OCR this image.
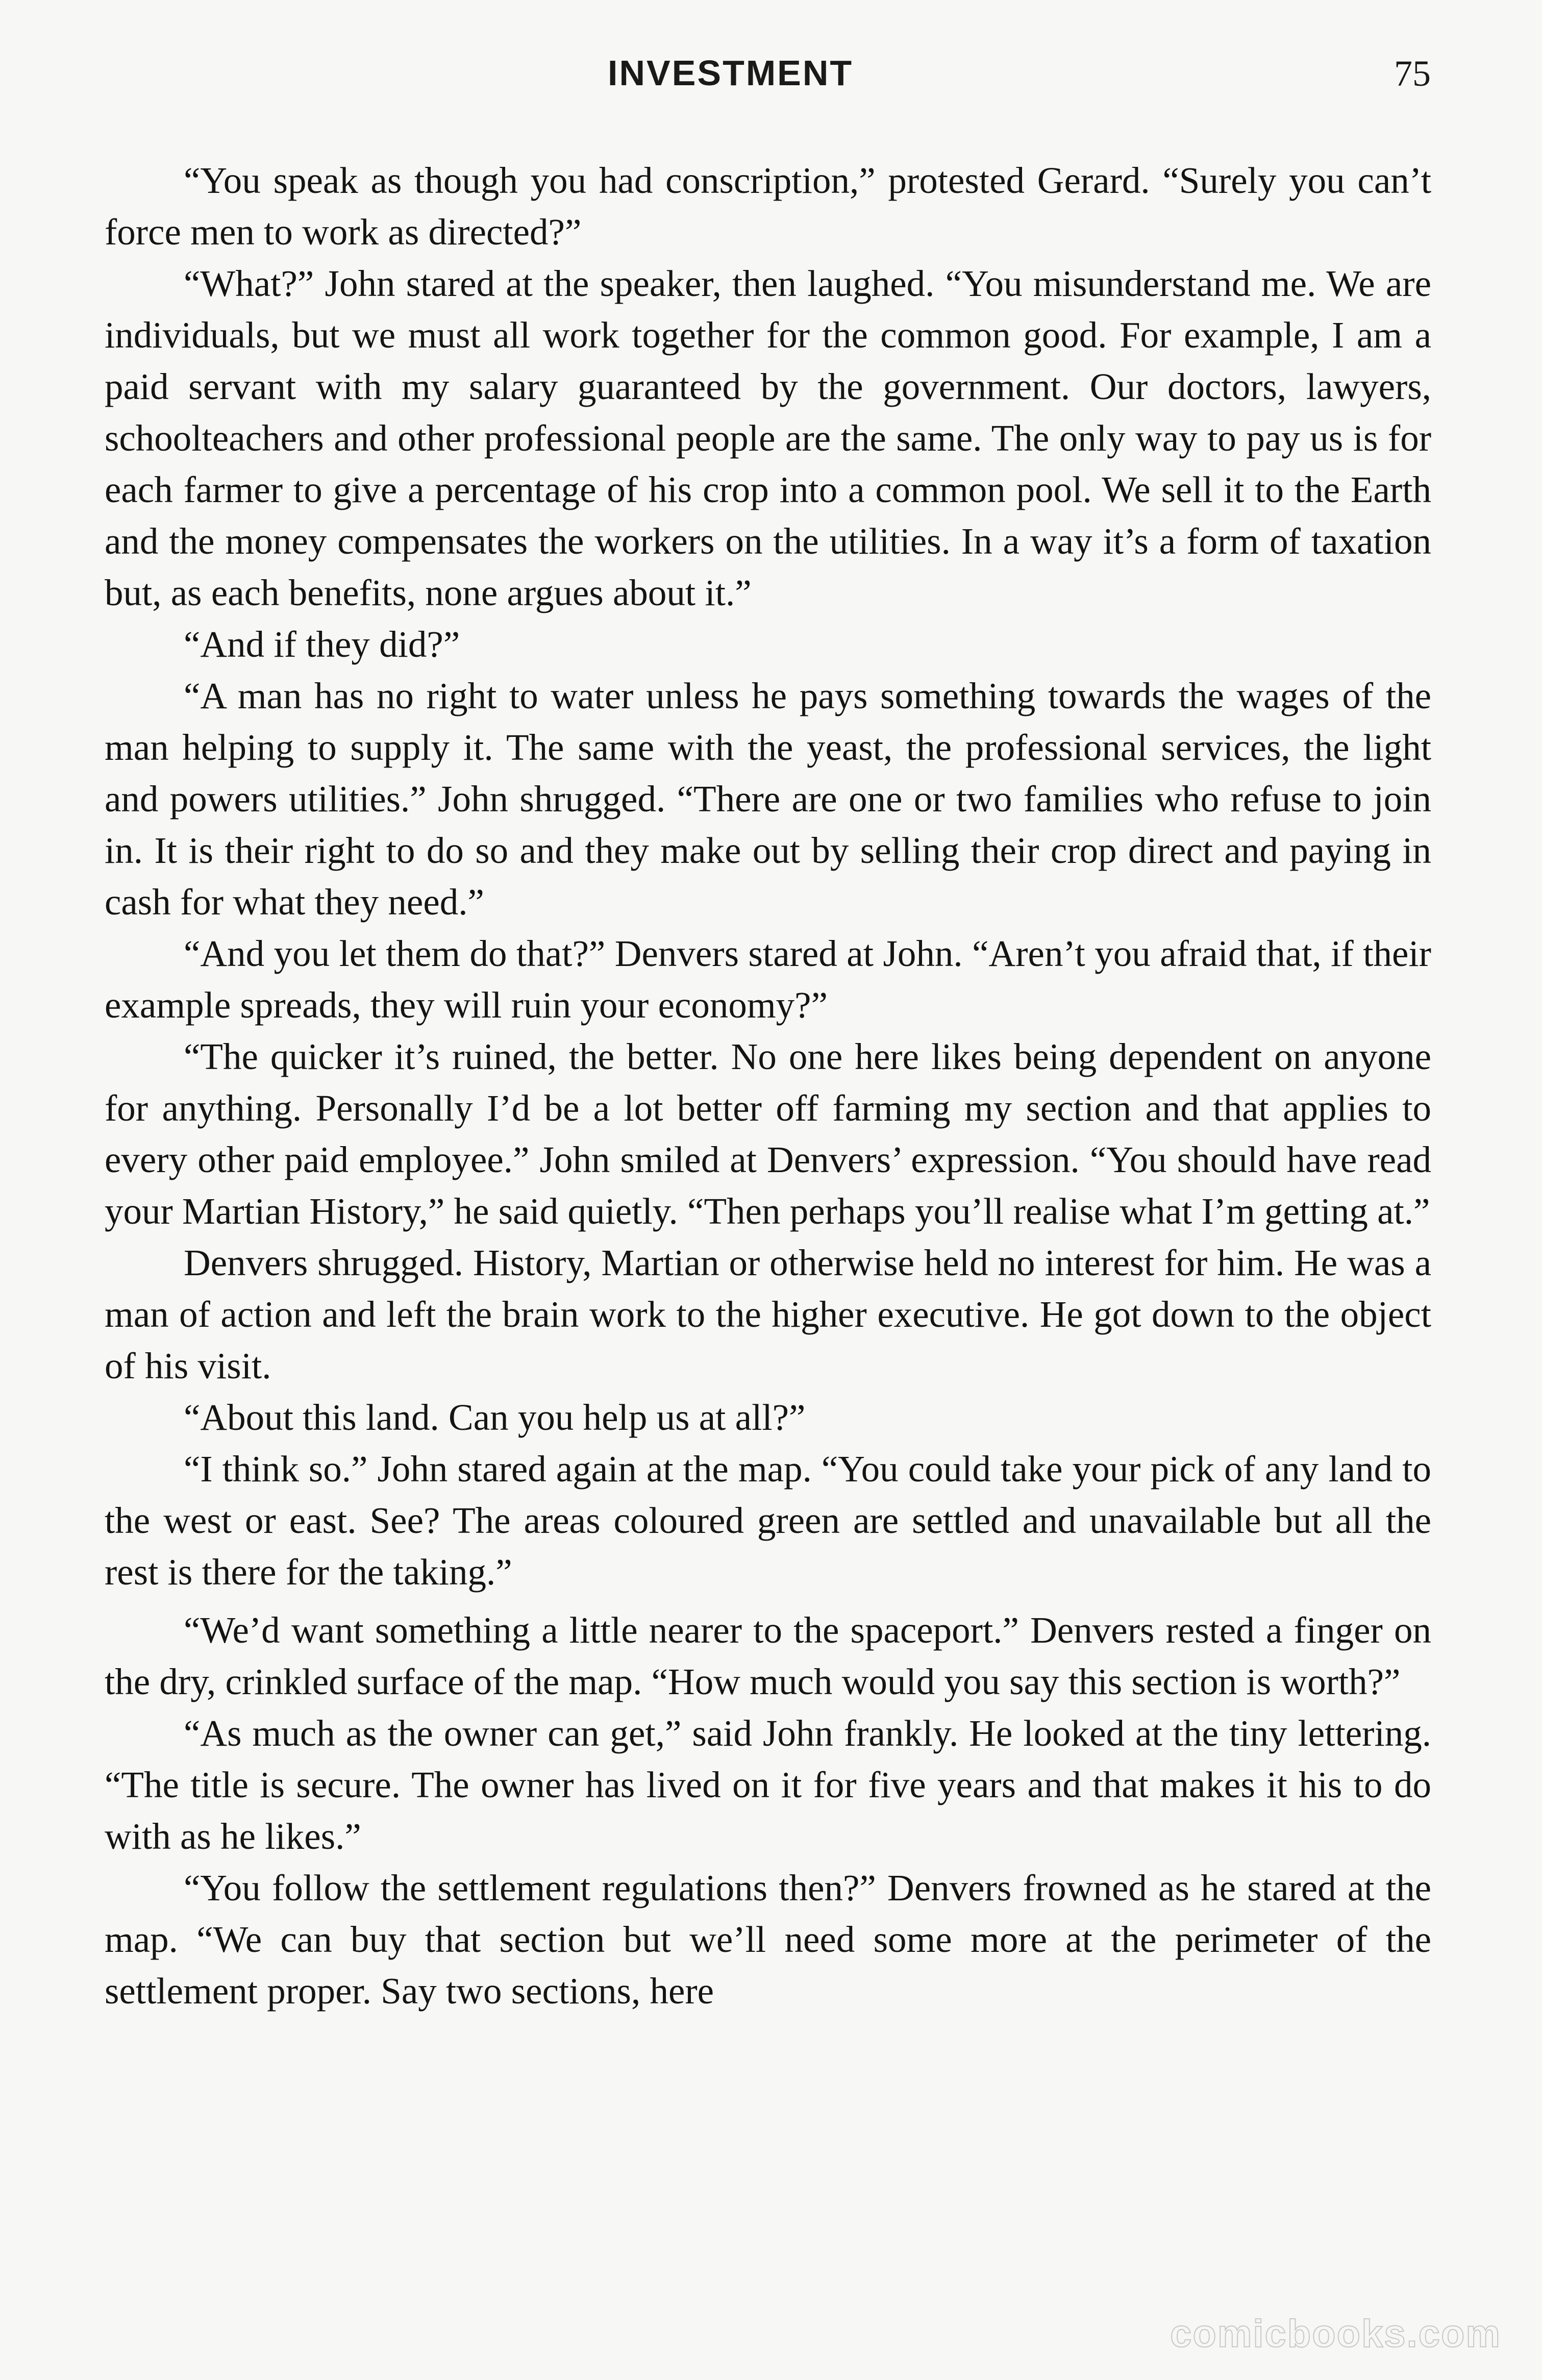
INVESTMENT	75

“You speak as though you had conscription,” protested Gerard. “Surely you can’t force men to work as directed?”

“What?” John stared at the speaker, then laughed. “You misunderstand me. We are individuals, but we must all work together for the common good. For example, I am a paid servant with my salary guaranteed by the government. Our doctors, lawyers, schoolteachers and other professional people are the same. The only way to pay us is for each farmer to give a percentage of his crop into a common pool. We sell it to the Earth and the money compensates the workers on the utilities. In a way it’s a form of taxation but, as each benefits, none argues about it.”

“And if they did?”

“A man has no right to water unless he pays something towards the wages of the man helping to supply it. The same with the yeast, the professional services, the light and powers utilities.” John shrugged. “There are one or two families who refuse to join in. It is their right to do so and they make out by selling their crop direct and paying in cash for what they need.”

“And you let them do that?” Denvers stared at John. “Aren’t you afraid that, if their example spreads, they will ruin your economy?”

“The quicker it’s ruined, the better. No one here likes being dependent on anyone for anything. Personally I’d be a lot better off farming my section and that applies to every other paid employee.” John smiled at Denvers’ expression. “You should have read your Martian History,” he said quietly. “Then perhaps you’ll realise what I’m getting at.”

Denvers shrugged. History, Martian or otherwise held no interest for him. He was a man of action and left the brain work to the higher executive. He got down to the object of his visit.

“About this land. Can you help us at all?”

“I think so.” John stared again at the map. “You could take your pick of any land to the west or east. See? The areas coloured green are settled and unavailable but all the rest is there for the taking.”

“We’d want something a little nearer to the spaceport.” Denvers rested a finger on the dry, crinkled surface of the map. “How much would you say this section is worth?”

“As much as the owner can get,” said John frankly. He looked at the tiny lettering. “The title is secure. The owner has lived on it for five years and that makes it his to do with as he likes.”

“You follow the settlement regulations then?” Denvers frowned as he stared at the map. “We can buy that section but we’ll need some more at the perimeter of the settlement proper. Say two sections, here

comicbooks.com
